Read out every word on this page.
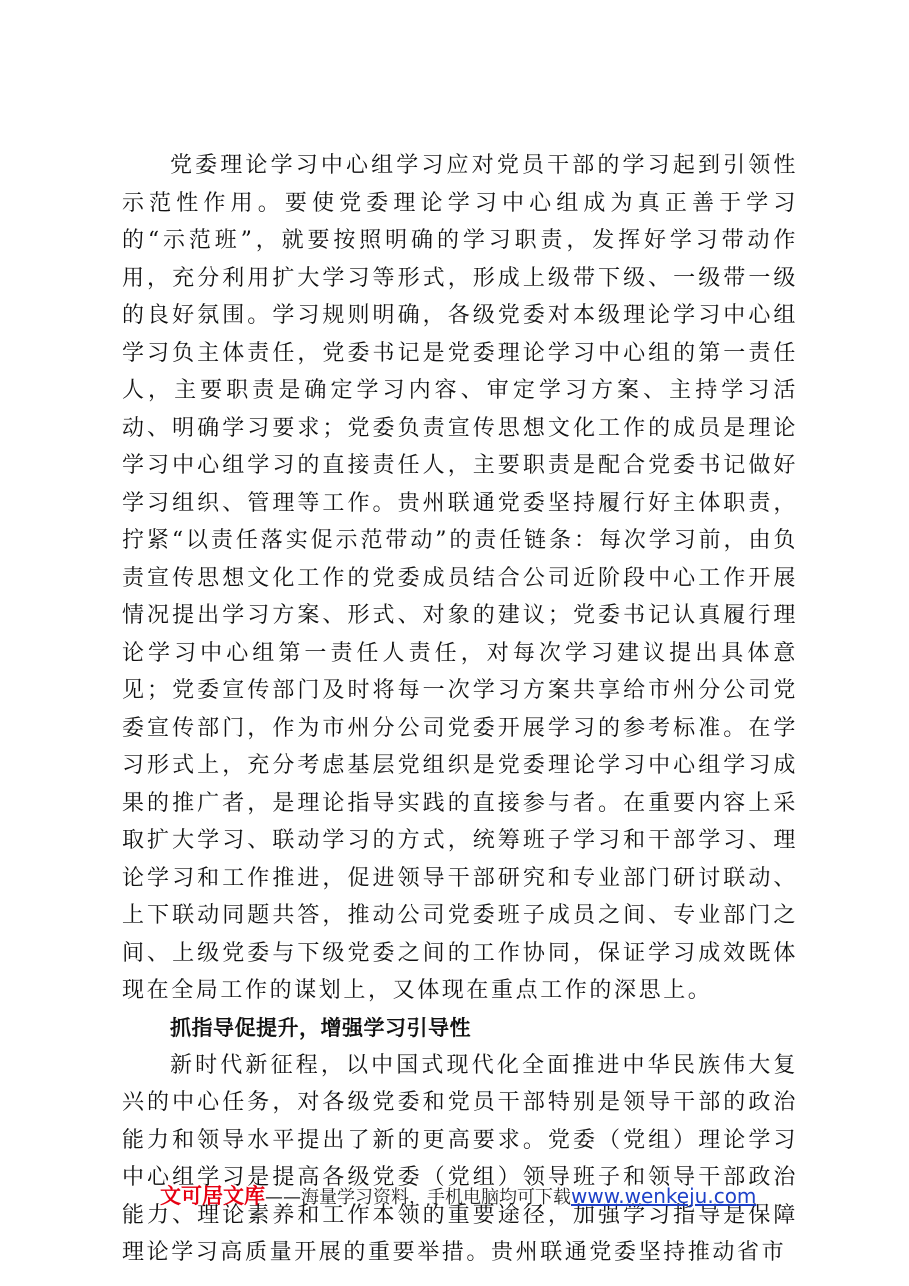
党委理论学习中心组学习应对党员干部的学习起到引领性示范性作用。要使党委理论学习中心组成为真正善于学习的“示范班”，就要按照明确的学习职责，发挥好学习带动作用，充分利用扩大学习等形式，形成上级带下级、一级带一级的良好氛围。学习规则明确，各级党委对本级理论学习中心组学习负主体责任，党委书记是党委理论学习中心组的第一责任人，主要职责是确定学习内容、审定学习方案、主持学习活动、明确学习要求；党委负责宣传思想文化工作的成员是理论学习中心组学习的直接责任人，主要职责是配合党委书记做好学习组织、管理等工作。贵州联通党委坚持履行好主体职责，拧紧“以责任落实促示范带动”的责任链条：每次学习前，由负责宣传思想文化工作的党委成员结合公司近阶段中心工作开展情况提出学习方案、形式、对象的建议；党委书记认真履行理论学习中心组第一责任人责任，对每次学习建议提出具体意见；党委宣传部门及时将每一次学习方案共享给市州分公司党委宣传部门，作为市州分公司党委开展学习的参考标准。在学习形式上，充分考虑基层党组织是党委理论学习中心组学习成果的推广者，是理论指导实践的直接参与者。在重要内容上采取扩大学习、联动学习的方式，统筹班子学习和干部学习、理论学习和工作推进，促进领导干部研究和专业部门研讨联动、上下联动同题共答，推动公司党委班子成员之间、专业部门之间、上级党委与下级党委之间的工作协同，保证学习成效既体现在全局工作的谋划上，又体现在重点工作的深思上。

抓指导促提升，增强学习引导性

新时代新征程，以中国式现代化全面推进中华民族伟大复兴的中心任务，对各级党委和党员干部特别是领导干部的政治能力和领导水平提出了新的更高要求。党委（党组）理论学习中心组学习是提高各级党委（党组）领导班子和领导干部政治能力、理论素养和工作本领的重要途径，加强学习指导是保障理论学习高质量开展的重要举措。贵州联通党委坚持推动省市

文可居文库——海量学习资料，手机电脑均可下载www.wenkeju.com
